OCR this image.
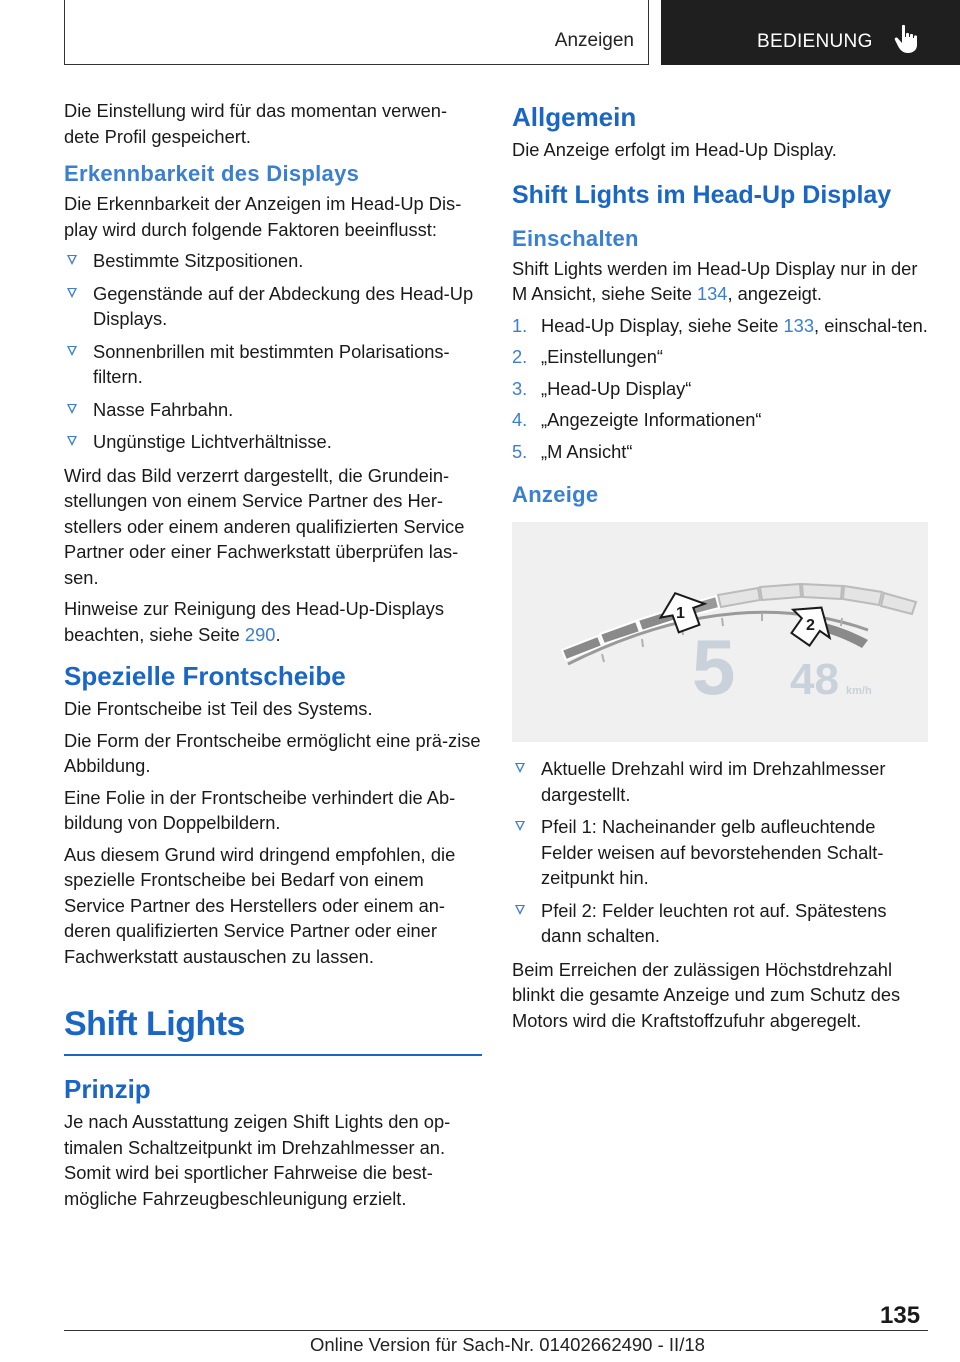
Anzeigen	BEDIENUNG

Die Einstellung wird für das momentan verwen-dete Profil gespeichert.

Erkennbarkeit des Displays

Die Erkennbarkeit der Anzeigen im Head-Up Dis-play wird durch folgende Faktoren beeinflusst:

Bestimmte Sitzpositionen.
Gegenstände auf der Abdeckung des Head-Up Displays.
Sonnenbrillen mit bestimmten Polarisations-filtern.
Nasse Fahrbahn.
Ungünstige Lichtverhältnisse.

Wird das Bild verzerrt dargestellt, die Grundein-stellungen von einem Service Partner des Her-stellers oder einem anderen qualifizierten Service Partner oder einer Fachwerkstatt überprüfen las-sen.

Hinweise zur Reinigung des Head-Up-Displays beachten, siehe Seite 290.

Spezielle Frontscheibe

Die Frontscheibe ist Teil des Systems.

Die Form der Frontscheibe ermöglicht eine prä-zise Abbildung.

Eine Folie in der Frontscheibe verhindert die Ab-bildung von Doppelbildern.

Aus diesem Grund wird dringend empfohlen, die spezielle Frontscheibe bei Bedarf von einem Service Partner des Herstellers oder einem an-deren qualifizierten Service Partner oder einer Fachwerkstatt austauschen zu lassen.

Shift Lights
Prinzip

Je nach Ausstattung zeigen Shift Lights den op-timalen Schaltzeitpunkt im Drehzahlmesser an. Somit wird bei sportlicher Fahrweise die best-mögliche Fahrzeugbeschleunigung erzielt.

Allgemein

Die Anzeige erfolgt im Head-Up Display.

Shift Lights im Head-Up Display
Einschalten

Shift Lights werden im Head-Up Display nur in der M Ansicht, siehe Seite 134, angezeigt.

1. Head-Up Display, siehe Seite 133, einschal-ten.
2. „Einstellungen“
3. „Head-Up Display“
4. „Angezeigte Informationen“
5. „M Ansicht“
Anzeige
1
2
5 48 km/h
Aktuelle Drehzahl wird im Drehzahlmesser dargestellt.
Pfeil 1: Nacheinander gelb aufleuchtende Felder weisen auf bevorstehenden Schalt-zeitpunkt hin.
Pfeil 2: Felder leuchten rot auf. Spätestens dann schalten.

Beim Erreichen der zulässigen Höchstdrehzahl blinkt die gesamte Anzeige und zum Schutz des Motors wird die Kraftstoffzufuhr abgeregelt.

135
Online Version für Sach-Nr. 01402662490 - II/18
